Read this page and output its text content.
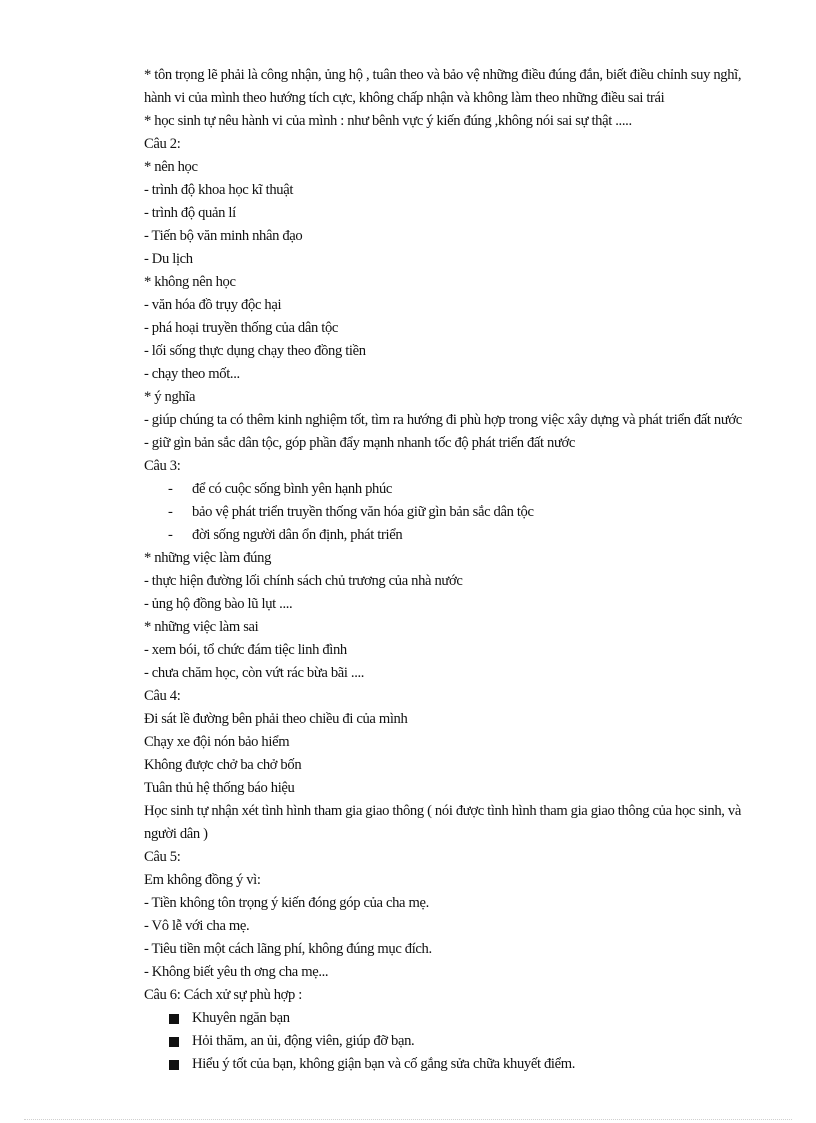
* tôn trọng lẽ phải là công nhận, ủng hộ , tuân theo và bảo vệ những điều đúng đắn, biết điều chỉnh suy nghĩ,
hành vi của mình theo hướng tích cực, không chấp nhận và không làm theo những điều sai trái
* học sinh tự nêu hành vi của mình : như bênh vực ý kiến đúng ,không nói sai sự thật .....
Câu 2:
* nên học
- trình độ khoa học kĩ thuật
- trình độ quản lí
- Tiến bộ văn minh nhân đạo
- Du lịch
* không nên học
- văn hóa đồ trụy độc hại
- phá hoại truyền thống của dân tộc
- lối sống thực dụng chạy theo đồng tiền
- chạy theo mốt...
* ý nghĩa
- giúp chúng ta có thêm kinh nghiệm tốt, tìm ra hướng đi phù hợp trong việc xây dựng và phát triển đất nước
- giữ gìn bản sắc dân tộc, góp phần đẩy mạnh nhanh tốc độ phát triển đất nước
Câu 3:
- để có cuộc sống bình yên hạnh phúc
- bảo vệ phát triển truyền thống văn hóa giữ gìn bản sắc dân tộc
- đời sống người dân ổn định, phát triển
* những việc làm đúng
- thực hiện đường lối chính sách chủ trương của nhà nước
- ủng hộ đồng bào lũ lụt ....
* những việc làm sai
- xem bói, tổ chức đám tiệc linh đình
- chưa chăm học, còn vứt rác bừa bãi ....
Câu 4:
Đi sát lề đường bên phải theo chiều đi của mình
Chạy xe đội nón bảo hiểm
Không được chở ba chở bốn
Tuân thủ hệ thống báo hiệu
Học sinh tự nhận xét tình hình tham gia giao thông ( nói được tình hình tham gia giao thông của học sinh, và người dân )
Câu 5:
Em không đồng ý vì:
- Tiền không tôn trọng ý kiến đóng góp của cha mẹ.
- Vô lễ với cha mẹ.
- Tiêu tiền một cách lãng phí, không đúng mục đích.
- Không biết yêu th ơng cha mẹ...
Câu 6: Cách xử sự phù hợp :
Khuyên ngăn bạn
Hỏi thăm, an ủi, động viên, giúp đỡ bạn.
Hiểu ý tốt của bạn, không giận bạn và cố gắng sửa chữa khuyết điểm.
